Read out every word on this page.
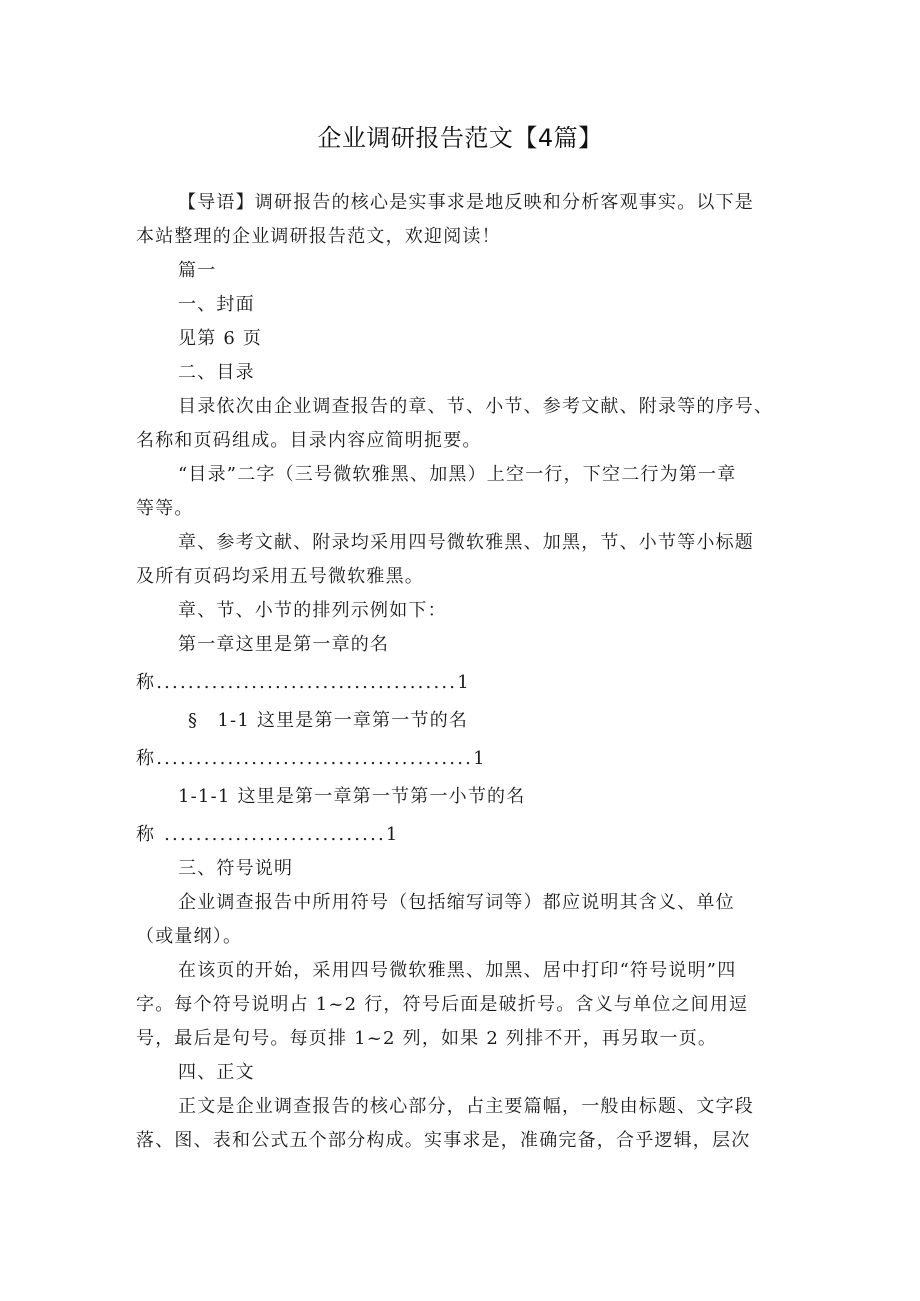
企业调研报告范文【4篇】

【导语】调研报告的核心是实事求是地反映和分析客观事实。以下是

本站整理的企业调研报告范文，欢迎阅读！

篇一

一、封面

见第 6 页

二、目录

目录依次由企业调查报告的章、节、小节、参考文献、附录等的序号、

名称和页码组成。目录内容应简明扼要。

“目录”二字（三号微软雅黑、加黑）上空一行，下空二行为第一章

等等。

章、参考文献、附录均采用四号微软雅黑、加黑，节、小节等小标题

及所有页码均采用五号微软雅黑。

章、节、小节的排列示例如下：

第一章这里是第一章的名

称......................................1

§　1-1 这里是第一章第一节的名

称........................................1

1-1-1 这里是第一章第一节第一小节的名

称 ............................1

三、符号说明

企业调查报告中所用符号（包括缩写词等）都应说明其含义、单位

（或量纲）。

在该页的开始，采用四号微软雅黑、加黑、居中打印“符号说明”四

字。每个符号说明占 1~2 行，符号后面是破折号。含义与单位之间用逗

号，最后是句号。每页排 1~2 列，如果 2 列排不开，再另取一页。

四、正文

正文是企业调查报告的核心部分，占主要篇幅，一般由标题、文字段

落、图、表和公式五个部分构成。实事求是，准确完备，合乎逻辑，层次
